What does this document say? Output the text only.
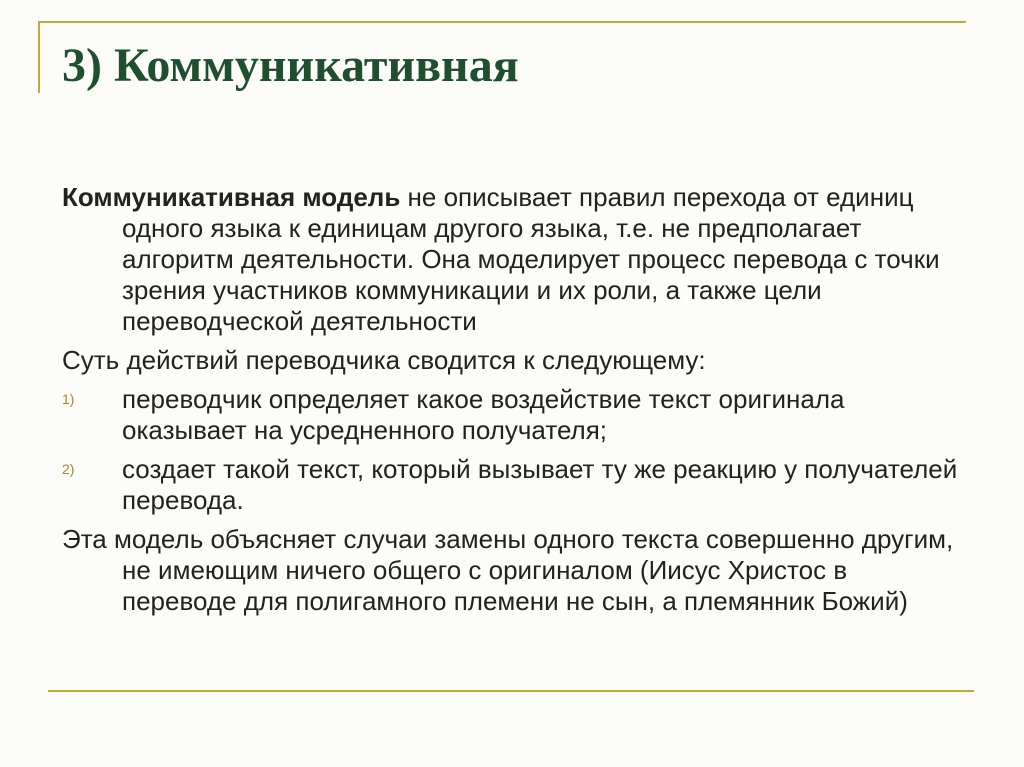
3) Коммуникативная

Коммуникативная модель не описывает правил перехода от единиц одного языка к единицам другого языка, т.е. не предполагает алгоритм деятельности. Она моделирует процесс перевода с точки зрения участников коммуникации и их роли, а также цели переводческой деятельности

Суть действий переводчика сводится к следующему:

1)	переводчик определяет какое воздействие текст оригинала оказывает на усредненного получателя;
2)	создает такой текст, который вызывает ту же реакцию у получателей перевода.

Эта модель объясняет случаи замены одного текста совершенно другим, не имеющим ничего общего с оригиналом (Иисус Христос в переводе для полигамного племени не сын, а племянник Божий)
